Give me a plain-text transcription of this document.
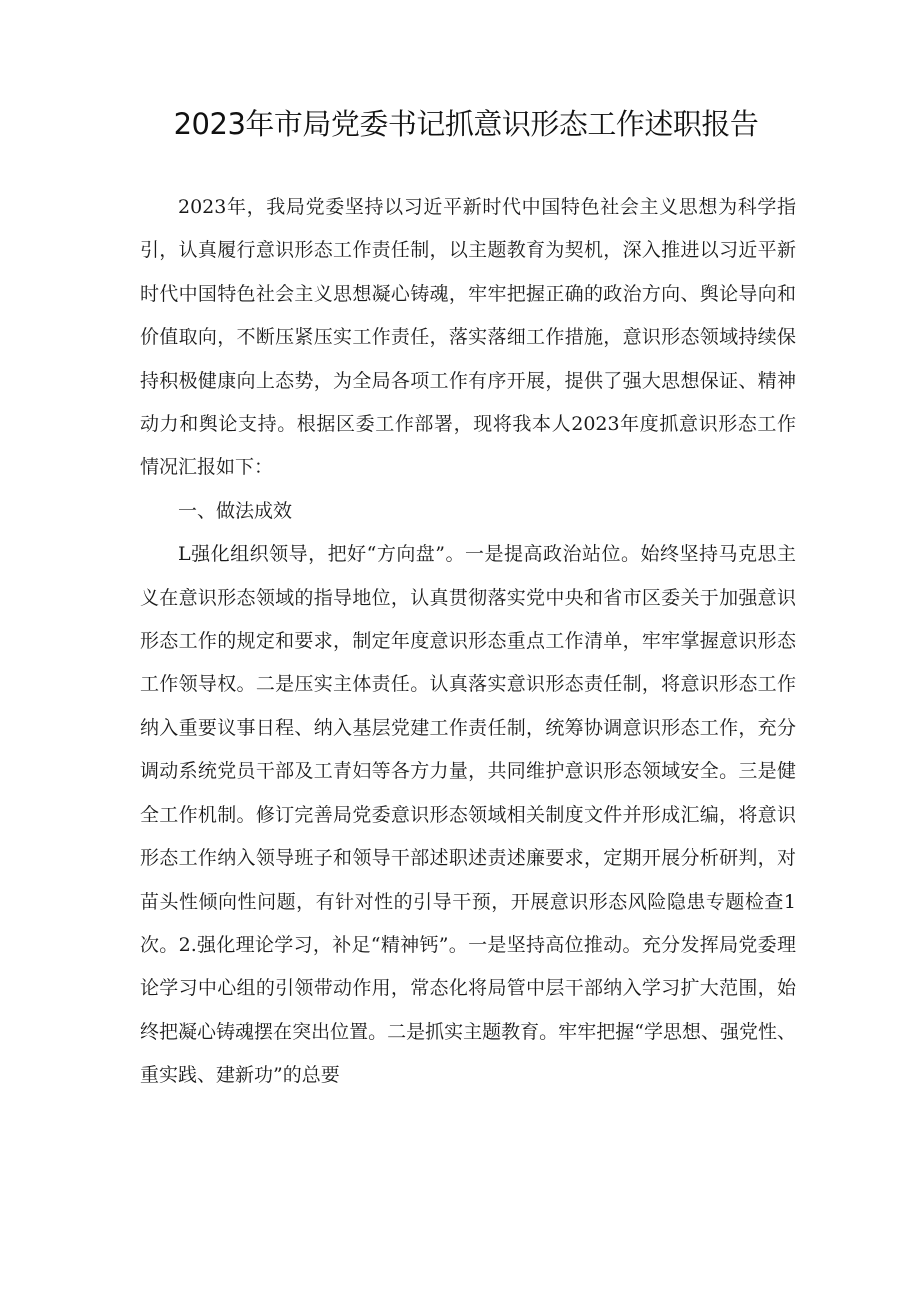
2023年市局党委书记抓意识形态工作述职报告

2023年，我局党委坚持以习近平新时代中国特色社会主义思想为科学指引，认真履行意识形态工作责任制，以主题教育为契机，深入推进以习近平新时代中国特色社会主义思想凝心铸魂，牢牢把握正确的政治方向、舆论导向和价值取向，不断压紧压实工作责任，落实落细工作措施，意识形态领域持续保持积极健康向上态势，为全局各项工作有序开展，提供了强大思想保证、精神动力和舆论支持。根据区委工作部署，现将我本人2023年度抓意识形态工作情况汇报如下：

一、做法成效

L强化组织领导，把好“方向盘”。一是提高政治站位。始终坚持马克思主义在意识形态领域的指导地位，认真贯彻落实党中央和省市区委关于加强意识形态工作的规定和要求，制定年度意识形态重点工作清单，牢牢掌握意识形态工作领导权。二是压实主体责任。认真落实意识形态责任制，将意识形态工作纳入重要议事日程、纳入基层党建工作责任制，统筹协调意识形态工作，充分调动系统党员干部及工青妇等各方力量，共同维护意识形态领域安全。三是健全工作机制。修订完善局党委意识形态领域相关制度文件并形成汇编，将意识形态工作纳入领导班子和领导干部述职述责述廉要求，定期开展分析研判，对苗头性倾向性问题，有针对性的引导干预，开展意识形态风险隐患专题检查1次。2.强化理论学习，补足“精神钙”。一是坚持高位推动。充分发挥局党委理论学习中心组的引领带动作用，常态化将局管中层干部纳入学习扩大范围，始终把凝心铸魂摆在突出位置。二是抓实主题教育。牢牢把握“学思想、强党性、重实践、建新功”的总要
